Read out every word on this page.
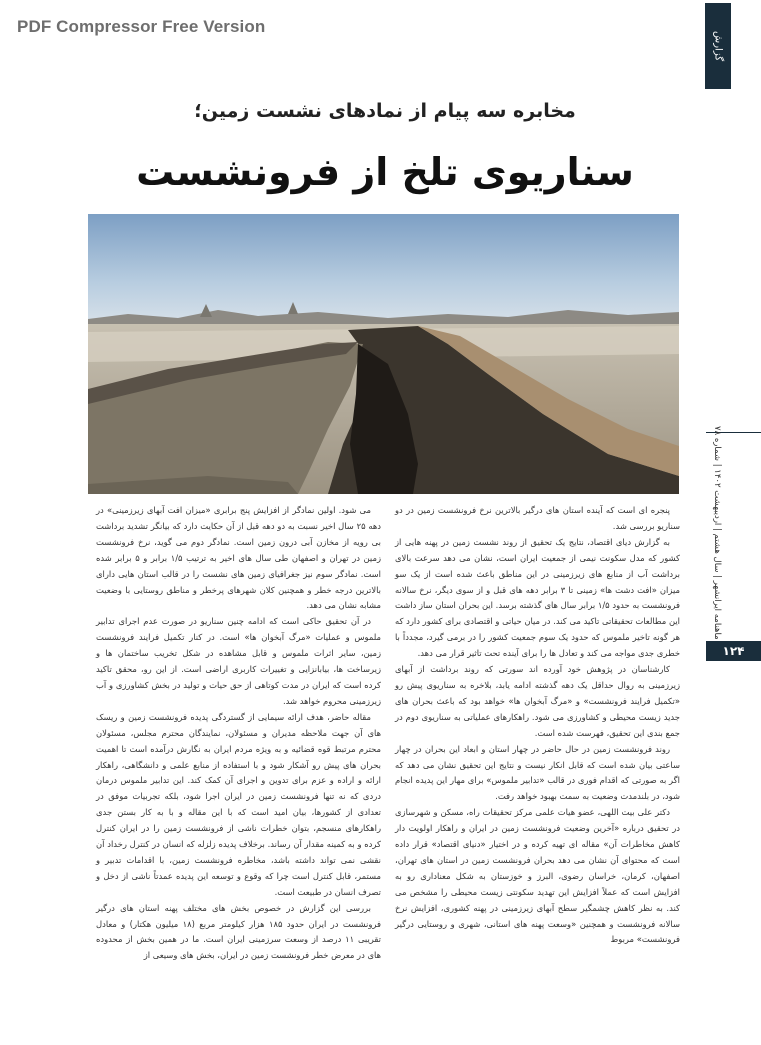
PDF Compressor Free Version
گزارش
مخابره سه پیام از نمادهای نشست زمین؛
سناریوی تلخ از فرونشست

پنجره ای است که آینده استان های درگیر بالاترین نرخ فرونشست زمین در دو سناریو بررسی شد.

به گزارش دیای اقتصاد، نتایج یک تحقیق از روند نشست زمین در پهنه هایی از کشور که مدل سکونت نیمی از جمعیت ایران است، نشان می دهد سرعت بالای برداشت آب از منابع های زیرزمینی در این مناطق باعث شده است از یک سو میزان «افت دشت ها» زمینی تا ۳ برابر دهه های قبل و از سوی دیگر، نرخ سالانه فرونشست به حدود ۱/۵ برابر سال های گذشته برسد. این بحران استان ساز داشت این مطالعات تحقیقاتی تاکید می کند. در میان حیاتی و اقتصادی برای کشور دارد که هر گونه تاخیر ملموس که حدود یک سوم جمعیت کشور را در برمی گیرد، مجدداً با خطری جدی مواجه می کند و تعادل ها را برای آینده تحت تاثیر قرار می دهد.

کارشناسان در پژوهش خود آورده اند سورتی که روند برداشت از آبهای زیرزمینی به روال حداقل یک دهه گذشته ادامه یابد، بلاخره به سناریوی پیش رو «تکمیل فرایند فرونشست» و «مرگ آبخوان ها» خواهد بود که باعث بحران های جدید زیست محیطی و کشاورزی می شود. راهکارهای عملیاتی به سناریوی دوم در جمع بندی این تحقیق، فهرست شده است.

روند فرونشست زمین در حال حاضر در چهار استان و ابعاد این بحران در چهار ساعتی بیان شده است که قابل انکار نیست و نتایج این تحقیق نشان می دهد که اگر به صورتی که اقدام فوری در قالب «تدابیر ملموس» برای مهار این پدیده انجام شود، در بلندمدت وضعیت به سمت بهبود خواهد رفت.

دکتر علی بیت اللهی، عضو هیات علمی مرکز تحقیقات راه، مسکن و شهرسازی در تحقیق درباره «آخرین وضعیت فرونشست زمین در ایران و راهکار اولویت دار کاهش مخاطرات آن» مقاله ای تهیه کرده و در اختیار «دنیای اقتصاد» قرار داده است که محتوای آن نشان می دهد بحران فرونشست زمین در استان های تهران، اصفهان، کرمان، خراسان رضوی، البرز و خوزستان به شکل معناداری رو به افزایش است که عملاً افزایش این تهدید سکونتی زیست محیطی را مشخص می کند. به نظر کاهش چشمگیر سطح آبهای زیرزمینی در پهنه کشوری، افزایش نرخ سالانه فرونشست و همچنین «وسعت پهنه های استانی، شهری و روستایی درگیر فرونشست» مربوط

می شود. اولین نمادگر از افزایش پنج برابری «میزان افت آبهای زیرزمینی» در دهه ۲۵ سال اخیر نسبت به دو دهه قبل از آن حکایت دارد که بیانگر تشدید برداشت بی رویه از مخازن آبی درون زمین است. نمادگر دوم می گوید، نرخ فرونشست زمین در تهران و اصفهان طی سال های اخیر به ترتیب ۱/۵ برابر و ۵ برابر شده است. نمادگر سوم نیز جغرافیای زمین های نشست را در قالب استان هایی دارای بالاترین درجه خطر و همچنین کلان شهرهای پرخطر و مناطق روستایی با وضعیت مشابه نشان می دهد.

در آن تحقیق حاکی است که ادامه چنین سناریو در صورت عدم اجرای تدابیر ملموس و عملیات «مرگ آبخوان ها» است. در کنار تکمیل فرایند فرونشست زمین، سایر اثرات ملموس و قابل مشاهده در شکل تخریب ساختمان ها و زیرساخت ها، بیابانزایی و تغییرات کاربری اراضی است. از این رو، محقق تاکید کرده است که ایران در مدت کوتاهی از حق حیات و تولید در بخش کشاورزی و آب زیرزمینی محروم خواهد شد.

مقاله حاضر، هدف ارائه سیمایی از گستردگی پدیده فرونشست زمین و ریسک های آن جهت ملاحظه مدیران و مسئولان، نمایندگان محترم مجلس، مسئولان محترم مرتبط قوه قضائیه و به ویژه مردم ایران به نگارش درآمده است تا اهمیت بحران های پیش رو آشکار شود و با استفاده از منابع علمی و دانشگاهی، راهکار ارائه و اراده و عزم برای تدوین و اجرای آن کمک کند. این تدابیر ملموس درمان دردی که نه تنها فرونشست زمین در ایران اجرا شود، بلکه تجربیات موفق در تعدادی از کشورها، بیان امید است که با این مقاله و با به کار بستن جدی راهکارهای منسجم، بتوان خطرات ناشی از فرونشست زمین را در ایران کنترل کرده و به کمینه مقدار آن رساند. برخلاف پدیده زلزله که انسان در کنترل رخداد آن نقشی نمی تواند داشته باشد، مخاطره فرونشست زمین، با اقدامات تدبیر و مستمر، قابل کنترل است چرا که وقوع و توسعه این پدیده عمدتاً ناشی از دخل و تصرف انسان در طبیعت است.

بررسی این گزارش در خصوص بخش های مختلف پهنه استان های درگیر فرونشست در ایران حدود ۱۸۵ هزار کیلومتر مربع (۱۸ میلیون هکتار) و معادل تقریبی ۱۱ درصد از وسعت سرزمینی ایران است. ما در همین بخش از محدوده های در معرض خطر فرونشست زمین در ایران، بخش های وسیعی از

ماهنامه ایرانشهر | سال هشتم | اردیبهشت ۱۴۰۲ | شماره ۷۸
۱۲۴
